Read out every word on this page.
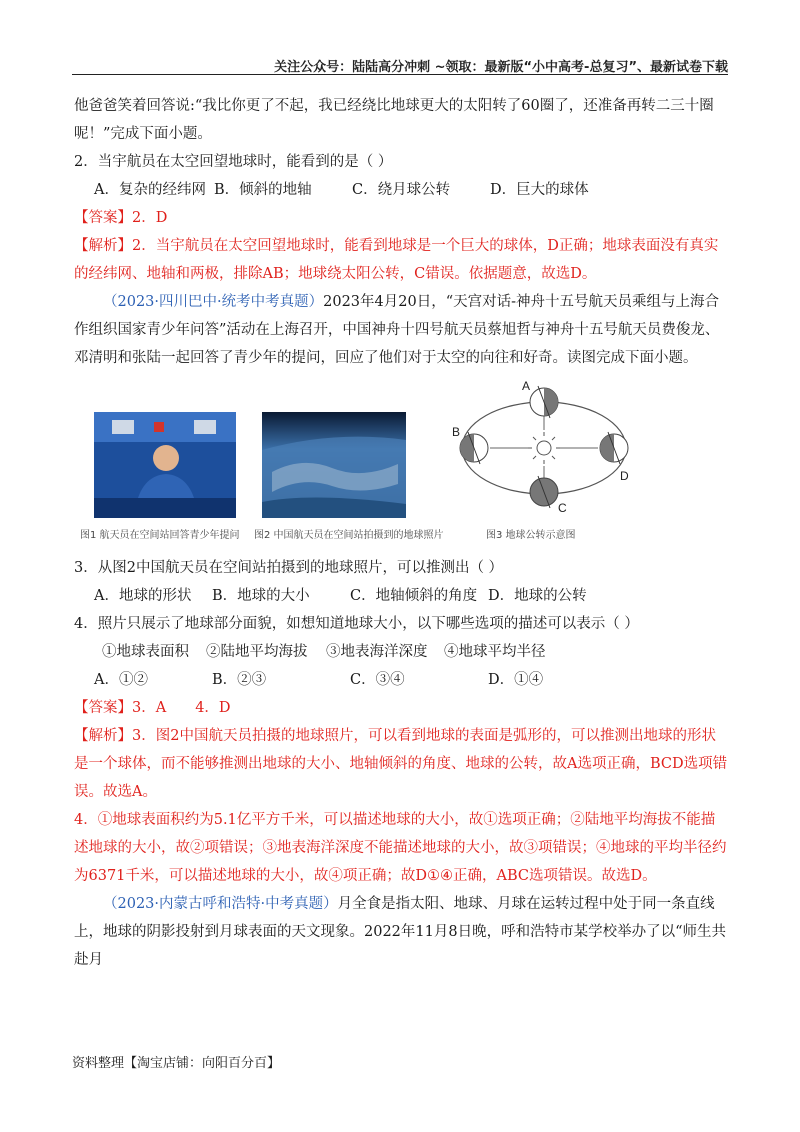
关注公众号：陆陆高分冲刺 ~领取：最新版“小中高考-总复习”、最新试卷下载

他爸爸笑着回答说:“我比你更了不起，我已经绕比地球更大的太阳转了60圈了，还准备再转二三十圈

呢！”完成下面小题。

2．当宇航员在太空回望地球时，能看到的是（ ）

A．复杂的经纬网 B．倾斜的地轴	C．绕月球公转	D．巨大的球体

【答案】2．D

【解析】2．当宇航员在太空回望地球时，能看到地球是一个巨大的球体，D正确；地球表面没有真实的经纬网、地轴和两极，排除AB；地球绕太阳公转，C错误。依据题意，故选D。

（2023·四川巴中·统考中考真题）2023年4月20日，“天宫对话-神舟十五号航天员乘组与上海合作组织国家青少年问答”活动在上海召开，中国神舟十四号航天员蔡旭哲与神舟十五号航天员费俊龙、邓清明和张陆一起回答了青少年的提问，回应了他们对于太空的向往和好奇。读图完成下面小题。

图1 航天员在空间站回答青少年提问 图2 中国航天员在空间站拍摄到的地球照片
A
B
C
D
图3 地球公转示意图

3．从图2中国航天员在空间站拍摄到的地球照片，可以推测出（ ）

A．地球的形状	B．地球的大小	C．地轴倾斜的角度 D．地球的公转

4．照片只展示了地球部分面貌，如想知道地球大小，以下哪些选项的描述可以表示（ ）

①地球表面积	②陆地平均海拔	③地表海洋深度	④地球平均半径
A．①②	B．②③	C．③④	D．①④

【答案】3．A　　4．D

【解析】3．图2中国航天员拍摄的地球照片，可以看到地球的表面是弧形的，可以推测出地球的形状是一个球体，而不能够推测出地球的大小、地轴倾斜的角度、地球的公转，故A选项正确，BCD选项错误。故选A。

4．①地球表面积约为5.1亿平方千米，可以描述地球的大小，故①选项正确；②陆地平均海拔不能描述地球的大小，故②项错误；③地表海洋深度不能描述地球的大小，故③项错误；④地球的平均半径约为6371千米，可以描述地球的大小，故④项正确；故D①④正确，ABC选项错误。故选D。

（2023·内蒙古呼和浩特·中考真题）月全食是指太阳、地球、月球在运转过程中处于同一条直线上，地球的阴影投射到月球表面的天文现象。2022年11月8日晚，呼和浩特市某学校举办了以“师生共赴月

资料整理【淘宝店铺：向阳百分百】
